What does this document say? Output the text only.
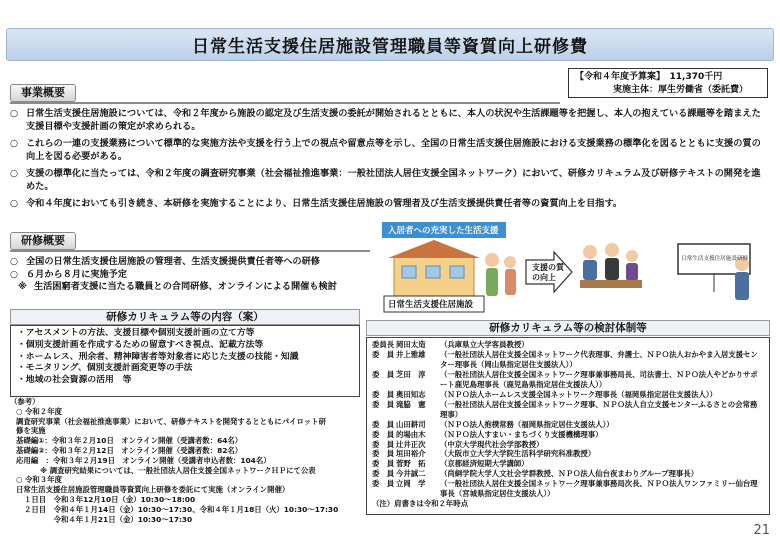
日常生活支援住居施設管理職員等資質向上研修費
【令和４年度予算案】　 11,370千円
実施主体：厚生労働省（委託費）
事業概要
○ 日常生活支援住居施設については、令和２年度から施設の認定及び生活支援の委託が開始されるとともに、本人の状況や生活課題等を把握し、本人の抱えている課題等を踏まえた支援目標や支援計画の策定が求められる。
○ これらの一連の支援業務について標準的な実施方法や支援を行う上での視点や留意点等を示し、全国の日常生活支援住居施設における支援業務の標準化を図るとともに支援の質の向上を図る必要がある。
○ 支援の標準化に当たっては、令和２年度の調査研究事業（社会福祉推進事業：一般社団法人居住支援全国ネットワーク）において、研修カリキュラム及び研修テキストの開発を進めた。
○ 令和４年度においても引き続き、本研修を実施することにより、日常生活支援住居施設の管理者及び生活支援提供責任者等の資質向上を目指す。
研修概要
○ 全国の日常生活支援住居施設の管理者、生活支援提供責任者等への研修
○ ６月から８月に実施予定
※ 生活困窮者支援に当たる職員との合同研修、オンラインによる開催も検討
入居者への充実した生活支援
日常生活支援住居施設
支援の質
の向上
日常生活支援住居施設研修
研修カリキュラム等の内容（案）
・アセスメントの方法、支援目標や個別支援計画の立て方等
・個別支援計画を作成するための留意すべき視点、記載方法等
・ホームレス、刑余者、精神障害者等対象者に応じた支援の技能・知識
・モニタリング、個別支援計画変更等の手法
・地域の社会資源の活用　等
（参考）
○ 令和２年度
調査研究事業（社会福祉推進事業）において、研修テキストを開発するとともにパイロット研
修を実施
基礎編①：令和３年２月10日　オンライン開催（受講者数：64名）
基礎編②：令和３年２月12日　オンライン開催（受講者数：82名）
応用編　：令和３年２月19日　オンライン開催（受講者申込者数：104名）
※ 調査研究結果については、一般社団法人居住支援全国ネットワークＨＰにて公表
○ 令和３年度
日常生活支援住居施設管理職員等資質向上研修を委託にて実施（オンライン開催）
１日目　令和３年12月10日（金）10:30～18:00
２日目　令和４年１月14日（金）10:30～17:30、令和４年１月18日（火）10:30～17:30
　　　　令和４年１月21日（金）10:30～17:30
研修カリキュラム等の検討体制等
委員長 岡田太造	（兵庫県立大学客員教授）
委　員 井上雅雄	（一般社団法人居住支援全国ネットワーク代表理事、弁護士、ＮＰＯ法人おかやま入居支援センター理事長（岡山県指定居住支援法人））
委　員 芝田　淳	（一般社団法人居住支援全国ネットワーク理事兼事務局長、司法書士、ＮＰＯ法人やどかりサポート鹿児島理事長（鹿児島県指定居住支援法人））
委　員 奥田知志	（ＮＰＯ法人ホームレス支援全国ネットワーク理事長（福岡県指定居住支援法人））
委　員 滝脇　憲	（一般社団法人居住支援全国ネットワーク理事、ＮＰＯ法人自立支援センターふるさとの会常務理事）
委　員 山田耕司	（ＮＰＯ法人抱樸常務（福岡県指定居住支援法人））
委　員 的場由木	（ＮＰＯ法人すまい・まちづくり支援機構理事）
委　員 辻井正次	（中京大学現代社会学部教授）
委　員 垣田裕介	（大阪市立大学大学院生活科学研究科准教授）
委　員 菅野　拓	（京都経済短期大学講師）
委　員 今井誠二	（尚絅学院大学人文社会学群教授、ＮＰＯ法人仙台夜まわりグループ理事長）
委　員 立岡　学	（一般社団法人居住支援全国ネットワーク理事兼事務局次長、ＮＰＯ法人ワンファミリー仙台理事長（宮城県指定居住支援法人））
（注）肩書きは令和２年時点
21
